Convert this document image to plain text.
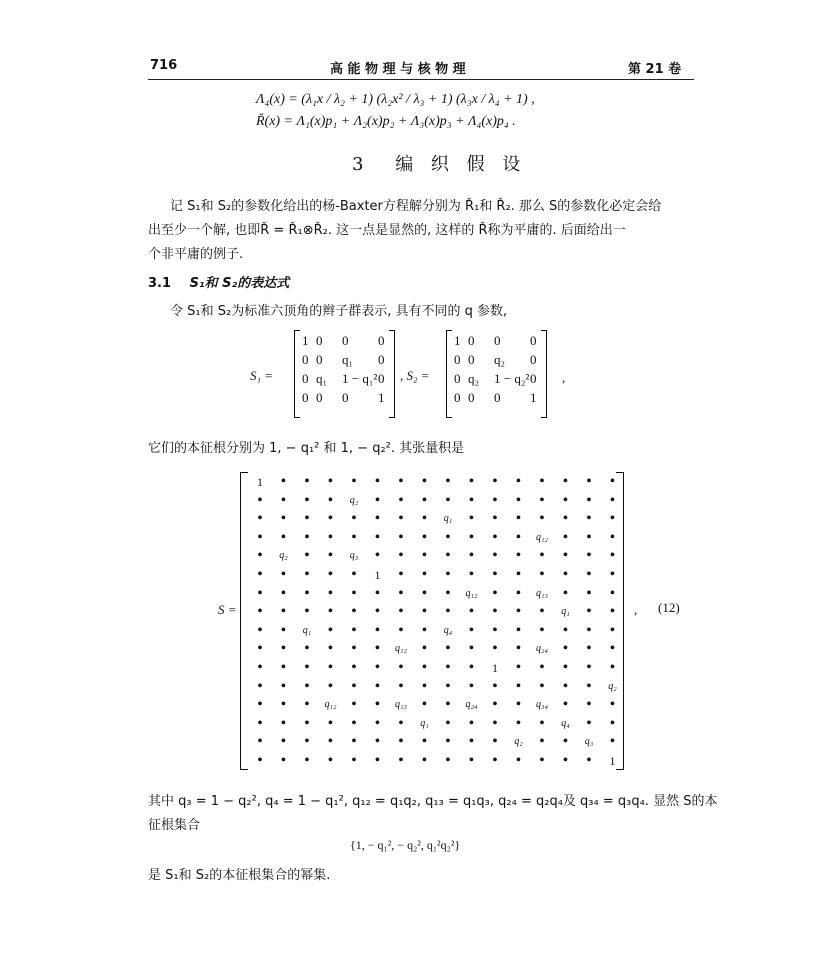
716	高 能 物 理 与 核 物 理	第 21 卷
Λ₄(x) = (λ₁x / λ₂ + 1) (λ₂x² / λ₃ + 1) (λ₃x / λ₄ + 1) ,
Ř(x) = Λ₁(x)p₁ + Λ₂(x)p₂ + Λ₃(x)p₃ + Λ₄(x)p₄ .
3 编 织 假 设
记 S₁和 S₂的参数化给出的杨-Baxter方程解分别为 Ř₁和 Ř₂. 那么 S的参数化必定会给
出至少一个解, 也即Ř = Ř₁⊗Ř₂. 这一点是显然的, 这样的 Ř称为平庸的. 后面给出一
个非平庸的例子.
3.1 S₁和 S₂的表达式
令 S₁和 S₂为标准六顶角的辫子群表示, 具有不同的 q 参数,
S₁ =
1 0 0 0
0 0 q₁ 0
0 q₁ 1 − q₁² 0
0 0 0 1
, S₂ =
1 0 0 0
0 0 q₂ 0
0 q₂ 1 − q₂² 0
0 0 0 1
,
它们的本征根分别为 1, − q₁² 和 1, − q₂². 其张量积是
S =
1	•	•	•	•	•	•	•	•	•	•	•	•	•	•	•
•	•	•	•	q₂	•	•	•	•	•	•	•	•	•	•	•
•	•	•	•	•	•	•	•	q₁	•	•	•	•	•	•	•
•	•	•	•	•	•	•	•	•	•	•	•	q₁₂	•	•	•
•	q₂	•	•	q₃	•	•	•	•	•	•	•	•	•	•	•
•	•	•	•	•	1	•	•	•	•	•	•	•	•	•	•
•	•	•	•	•	•	•	•	•	q₁₂	•	•	q₁₃	•	•	•
•	•	•	•	•	•	•	•	•	•	•	•	•	q₁	•	•
•	•	q₁	•	•	•	•	•	q₄	•	•	•	•	•	•	•
•	•	•	•	•	•	q₁₂	•	•	•	•	•	q₂₄	•	•	•
•	•	•	•	•	•	•	•	•	•	1	•	•	•	•	•
•	•	•	•	•	•	•	•	•	•	•	•	•	•	•	q₂
•	•	•	q₁₂	•	•	q₁₃	•	•	q₂₄	•	•	q₃₄	•	•	•
•	•	•	•	•	•	•	q₁	•	•	•	•	•	q₄	•	•
•	•	•	•	•	•	•	•	•	•	•	q₂	•	•	q₃	•
•	•	•	•	•	•	•	•	•	•	•	•	•	•	•	1
, (12)
其中 q₃ = 1 − q₂², q₄ = 1 − q₁², q₁₂ = q₁q₂, q₁₃ = q₁q₃, q₂₄ = q₂q₄及 q₃₄ = q₃q₄. 显然 S的本
征根集合
{1, − q₁², − q₂², q₁²q₂²}
是 S₁和 S₂的本征根集合的幂集.
